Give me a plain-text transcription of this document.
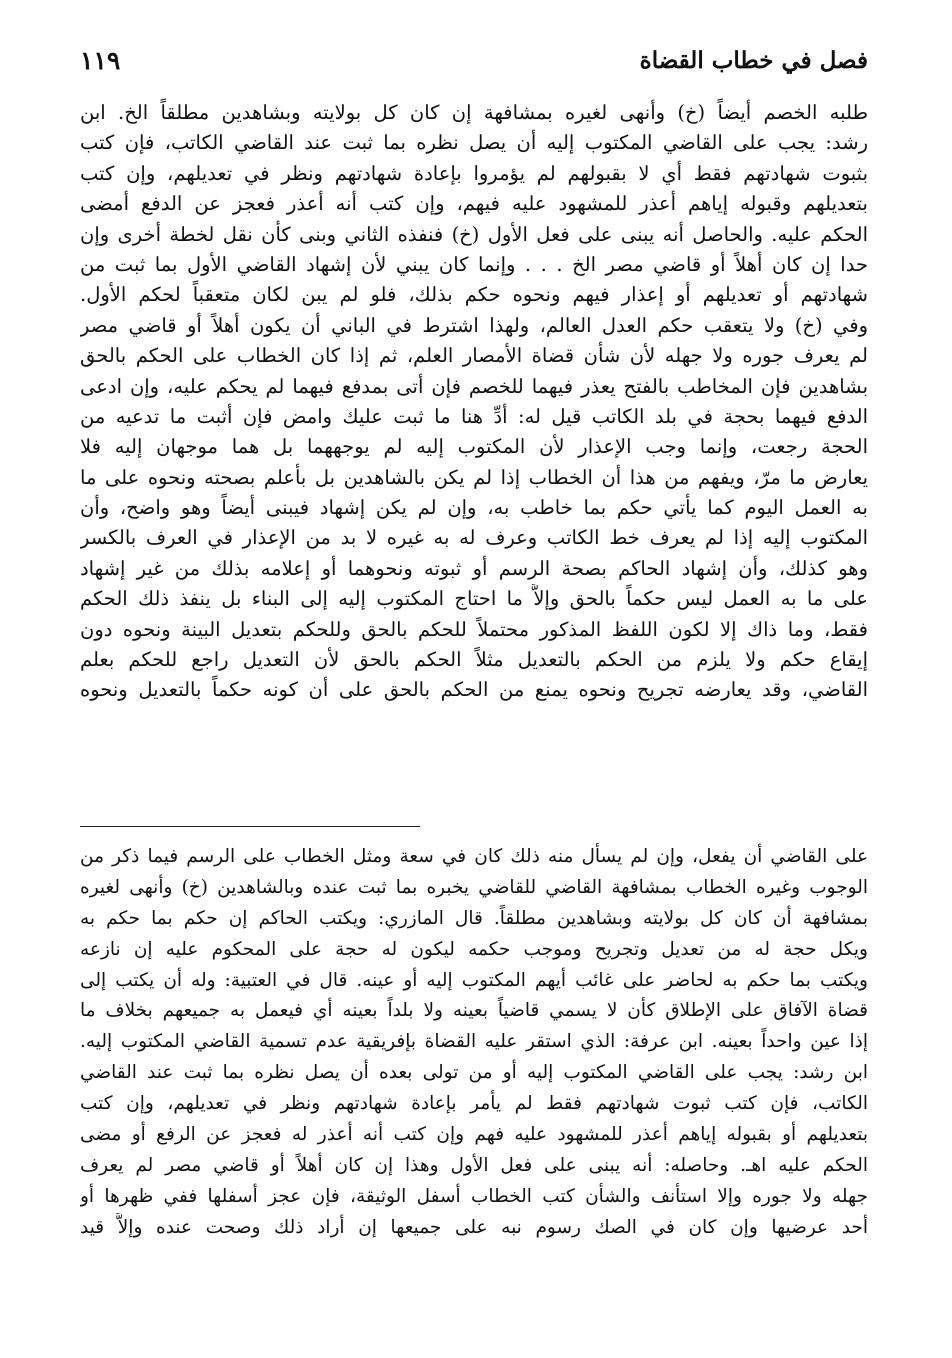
فصل في خطاب القضاة
١١٩
طلبه الخصم أيضاً (خ) وأنهى لغيره بمشافهة إن كان كل بولايته وبشاهدين مطلقاً الخ. ابن
رشد: يجب على القاضي المكتوب إليه أن يصل نظره بما ثبت عند القاضي الكاتب، فإن كتب
بثبوت شهادتهم فقط أي لا بقبولهم لم يؤمروا بإعادة شهادتهم ونظر في تعديلهم، وإن كتب
بتعديلهم وقبوله إياهم أعذر للمشهود عليه فيهم، وإن كتب أنه أعذر فعجز عن الدفع أمضى
الحكم عليه. والحاصل أنه يبنى على فعل الأول (خ) فنفذه الثاني وبنى كأن نقل لخطة أخرى وإن
حدا إن كان أهلاً أو قاضي مصر الخ . . . وإنما كان يبني لأن إشهاد القاضي الأول بما ثبت من
شهادتهم أو تعديلهم أو إعذار فيهم ونحوه حكم بذلك، فلو لم يبن لكان متعقباً لحكم الأول.
وفي (خ) ولا يتعقب حكم العدل العالم، ولهذا اشترط في الباني أن يكون أهلاً أو قاضي مصر
لم يعرف جوره ولا جهله لأن شأن قضاة الأمصار العلم، ثم إذا كان الخطاب على الحكم بالحق
بشاهدين فإن المخاطب بالفتح يعذر فيهما للخصم فإن أتى بمدفع فيهما لم يحكم عليه، وإن ادعى
الدفع فيهما بحجة في بلد الكاتب قيل له: أدِّ هنا ما ثبت عليك وامض فإن أثبت ما تدعيه من
الحجة رجعت، وإنما وجب الإعذار لأن المكتوب إليه لم يوجههما بل هما موجهان إليه فلا
يعارض ما مرّ، ويفهم من هذا أن الخطاب إذا لم يكن بالشاهدين بل بأعلم بصحته ونحوه على ما
به العمل اليوم كما يأتي حكم بما خاطب به، وإن لم يكن إشهاد فيبنى أيضاً وهو واضح، وأن
المكتوب إليه إذا لم يعرف خط الكاتب وعرف له به غيره لا بد من الإعذار في العرف بالكسر
وهو كذلك، وأن إشهاد الحاكم بصحة الرسم أو ثبوته ونحوهما أو إعلامه بذلك من غير إشهاد
على ما به العمل ليس حكماً بالحق وإلاَّ ما احتاج المكتوب إليه إلى البناء بل ينفذ ذلك الحكم
فقط، وما ذاك إلا لكون اللفظ المذكور محتملاً للحكم بالحق وللحكم بتعديل البينة ونحوه دون
إيقاع حكم ولا يلزم من الحكم بالتعديل مثلاً الحكم بالحق لأن التعديل راجع للحكم بعلم
القاضي، وقد يعارضه تجريح ونحوه يمنع من الحكم بالحق على أن كونه حكماً بالتعديل ونحوه
على القاضي أن يفعل، وإن لم يسأل منه ذلك كان في سعة ومثل الخطاب على الرسم فيما ذكر من
الوجوب وغيره الخطاب بمشافهة القاضي للقاضي يخبره بما ثبت عنده وبالشاهدين (خ) وأنهى لغيره
بمشافهة أن كان كل بولايته وبشاهدين مطلقاً. قال المازري: ويكتب الحاكم إن حكم بما حكم به
ويكل حجة له من تعديل وتجريح وموجب حكمه ليكون له حجة على المحكوم عليه إن نازعه
ويكتب بما حكم به لحاضر على غائب أيهم المكتوب إليه أو عينه. قال في العتبية: وله أن يكتب إلى
قضاة الآفاق على الإطلاق كأن لا يسمي قاضياً بعينه ولا بلداً بعينه أي فيعمل به جميعهم بخلاف ما
إذا عين واحداً بعينه. ابن عرفة: الذي استقر عليه القضاة بإفريقية عدم تسمية القاضي المكتوب إليه.
ابن رشد: يجب على القاضي المكتوب إليه أو من تولى بعده أن يصل نظره بما ثبت عند القاضي
الكاتب، فإن كتب ثبوت شهادتهم فقط لم يأمر بإعادة شهادتهم ونظر في تعديلهم، وإن كتب
بتعديلهم أو بقبوله إياهم أعذر للمشهود عليه فهم وإن كتب أنه أعذر له فعجز عن الرفع أو مضى
الحكم عليه اهـ. وحاصله: أنه يبنى على فعل الأول وهذا إن كان أهلاً أو قاضي مصر لم يعرف
جهله ولا جوره وإلا استأنف والشأن كتب الخطاب أسفل الوثيقة، فإن عجز أسفلها ففي ظهرها أو
أحد عرضيها وإن كان في الصك رسوم نبه على جميعها إن أراد ذلك وصحت عنده وإلاَّ قيد
